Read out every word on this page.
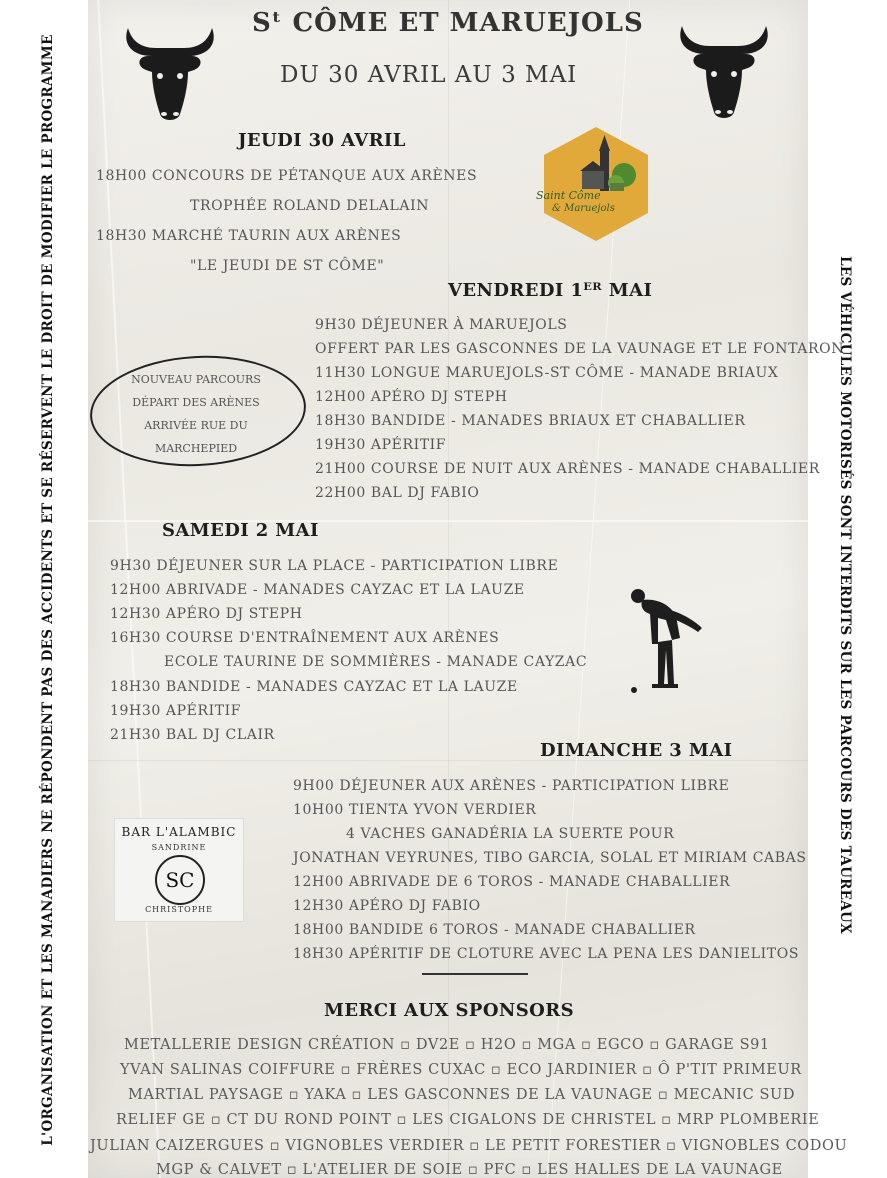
L'ORGANISATION ET LES MANADIERS NE RÉPONDENT PAS DES ACCIDENTS ET SE RÉSERVENT LE DROIT DE MODIFIER LE PROGRAMME	LES VÉHICULES MOTORISÉS SONT INTERDITS SUR LES PARCOURS DES TAUREAUX
Sᵗ CÔME ET MARUEJOLS
DU 30 AVRIL AU 3 MAI
Saint Côme
& Maruejols
JEUDI 30 AVRIL
18H00 CONCOURS DE PÉTANQUE AUX ARÈNES
TROPHÉE ROLAND DELALAIN
18H30 MARCHÉ TAURIN AUX ARÈNES
"LE JEUDI DE ST CÔME"
VENDREDI 1ᴱᴿ MAI
9H30 DÉJEUNER À MARUEJOLS
OFFERT PAR LES GASCONNES DE LA VAUNAGE ET LE FONTARON
11H30 LONGUE MARUEJOLS-ST CÔME - MANADE BRIAUX
12H00 APÉRO DJ STEPH
18H30 BANDIDE - MANADES BRIAUX ET CHABALLIER
19H30 APÉRITIF
21H00 COURSE DE NUIT AUX ARÈNES - MANADE CHABALLIER
22H00 BAL DJ FABIO
NOUVEAU PARCOURS
DÉPART DES ARÈNES
ARRIVÉE RUE DU
MARCHEPIED
SAMEDI 2 MAI
9H30 DÉJEUNER SUR LA PLACE - PARTICIPATION LIBRE
12H00 ABRIVADE - MANADES CAYZAC ET LA LAUZE
12H30 APÉRO DJ STEPH
16H30 COURSE D'ENTRAÎNEMENT AUX ARÈNES
ECOLE TAURINE DE SOMMIÈRES - MANADE CAYZAC
18H30 BANDIDE - MANADES CAYZAC ET LA LAUZE
19H30 APÉRITIF
21H30 BAL DJ CLAIR
DIMANCHE 3 MAI
9H00 DÉJEUNER AUX ARÈNES - PARTICIPATION LIBRE
10H00 TIENTA YVON VERDIER
4 VACHES GANADÉRIA LA SUERTE POUR
JONATHAN VEYRUNES, TIBO GARCIA, SOLAL ET MIRIAM CABAS
12H00 ABRIVADE DE 6 TOROS - MANADE CHABALLIER
12H30 APÉRO DJ FABIO
18H00 BANDIDE 6 TOROS - MANADE CHABALLIER
18H30 APÉRITIF DE CLOTURE AVEC LA PENA LES DANIELITOS
BAR L'ALAMBIC
SANDRINE
SC
CHRISTOPHE
MERCI AUX SPONSORS
METALLERIE DESIGN CRÉATION ▫ DV2E ▫ H2O ▫ MGA ▫ EGCO ▫ GARAGE S91
YVAN SALINAS COIFFURE ▫ FRÈRES CUXAC ▫ ECO JARDINIER ▫ Ô P'TIT PRIMEUR
MARTIAL PAYSAGE ▫ YAKA ▫ LES GASCONNES DE LA VAUNAGE ▫ MECANIC SUD
RELIEF GE ▫ CT DU ROND POINT ▫ LES CIGALONS DE CHRISTEL ▫ MRP PLOMBERIE
JULIAN CAIZERGUES ▫ VIGNOBLES VERDIER ▫ LE PETIT FORESTIER ▫ VIGNOBLES CODOU
MGP & CALVET ▫ L'ATELIER DE SOIE ▫ PFC ▫ LES HALLES DE LA VAUNAGE
